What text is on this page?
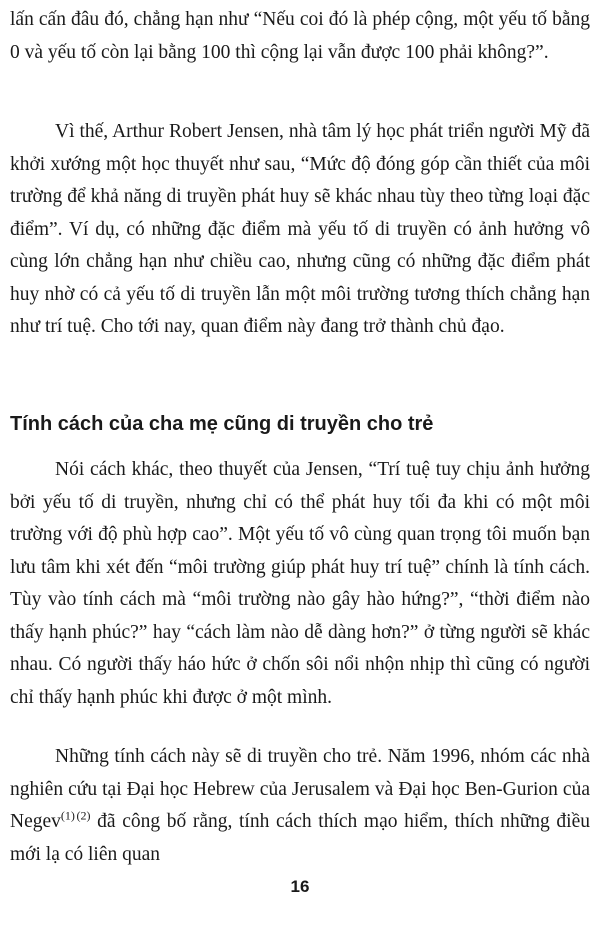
lấn cấn đâu đó, chẳng hạn như “Nếu coi đó là phép cộng, một yếu tố bằng 0 và yếu tố còn lại bằng 100 thì cộng lại vẫn được 100 phải không?”.

Vì thế, Arthur Robert Jensen, nhà tâm lý học phát triển người Mỹ đã khởi xướng một học thuyết như sau, “Mức độ đóng góp cần thiết của môi trường để khả năng di truyền phát huy sẽ khác nhau tùy theo từng loại đặc điểm”. Ví dụ, có những đặc điểm mà yếu tố di truyền có ảnh hưởng vô cùng lớn chẳng hạn như chiều cao, nhưng cũng có những đặc điểm phát huy nhờ có cả yếu tố di truyền lẫn một môi trường tương thích chẳng hạn như trí tuệ. Cho tới nay, quan điểm này đang trở thành chủ đạo.

Tính cách của cha mẹ cũng di truyền cho trẻ

Nói cách khác, theo thuyết của Jensen, “Trí tuệ tuy chịu ảnh hưởng bởi yếu tố di truyền, nhưng chỉ có thể phát huy tối đa khi có một môi trường với độ phù hợp cao”. Một yếu tố vô cùng quan trọng tôi muốn bạn lưu tâm khi xét đến “môi trường giúp phát huy trí tuệ” chính là tính cách. Tùy vào tính cách mà “môi trường nào gây hào hứng?”, “thời điểm nào thấy hạnh phúc?” hay “cách làm nào dễ dàng hơn?” ở từng người sẽ khác nhau. Có người thấy háo hức ở chốn sôi nổi nhộn nhịp thì cũng có người chỉ thấy hạnh phúc khi được ở một mình.

Những tính cách này sẽ di truyền cho trẻ. Năm 1996, nhóm các nhà nghiên cứu tại Đại học Hebrew của Jerusalem và Đại học Ben-Gurion của Negev$^{(1)}$  $^{(2)}$ đã công bố rằng, tính cách thích mạo hiểm, thích những điều mới lạ có liên quan

16
